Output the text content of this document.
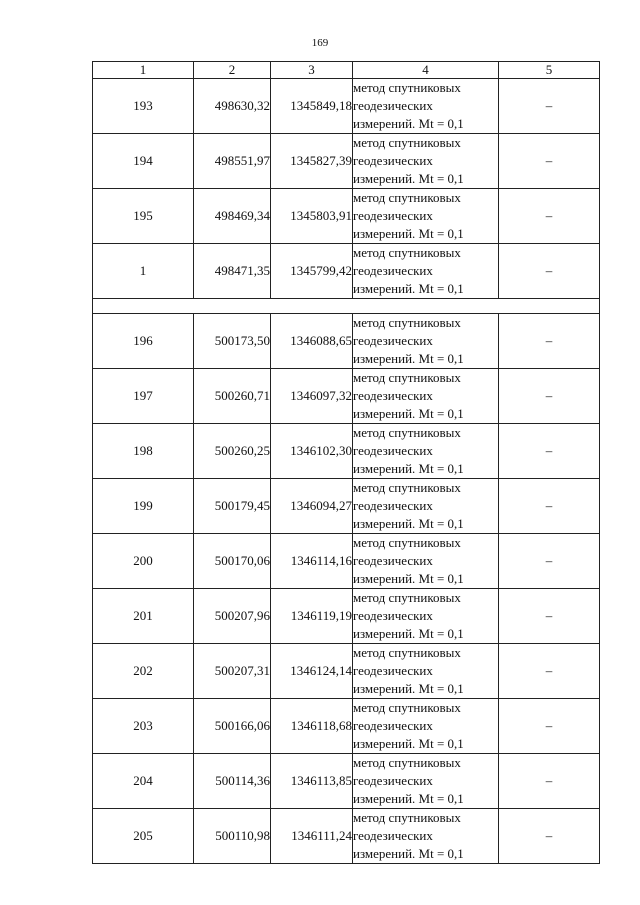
169
1	2	3	4	5
193	498630,32	1345849,18	метод спутниковых
геодезических
измерений. Mt = 0,1	–
194	498551,97	1345827,39	метод спутниковых
геодезических
измерений. Mt = 0,1	–
195	498469,34	1345803,91	метод спутниковых
геодезических
измерений. Mt = 0,1	–
1	498471,35	1345799,42	метод спутниковых
геодезических
измерений. Mt = 0,1	–

196	500173,50	1346088,65	метод спутниковых
геодезических
измерений. Mt = 0,1	–
197	500260,71	1346097,32	метод спутниковых
геодезических
измерений. Mt = 0,1	–
198	500260,25	1346102,30	метод спутниковых
геодезических
измерений. Mt = 0,1	–
199	500179,45	1346094,27	метод спутниковых
геодезических
измерений. Mt = 0,1	–
200	500170,06	1346114,16	метод спутниковых
геодезических
измерений. Mt = 0,1	–
201	500207,96	1346119,19	метод спутниковых
геодезических
измерений. Mt = 0,1	–
202	500207,31	1346124,14	метод спутниковых
геодезических
измерений. Mt = 0,1	–
203	500166,06	1346118,68	метод спутниковых
геодезических
измерений. Mt = 0,1	–
204	500114,36	1346113,85	метод спутниковых
геодезических
измерений. Mt = 0,1	–
205	500110,98	1346111,24	метод спутниковых
геодезических
измерений. Mt = 0,1	–
